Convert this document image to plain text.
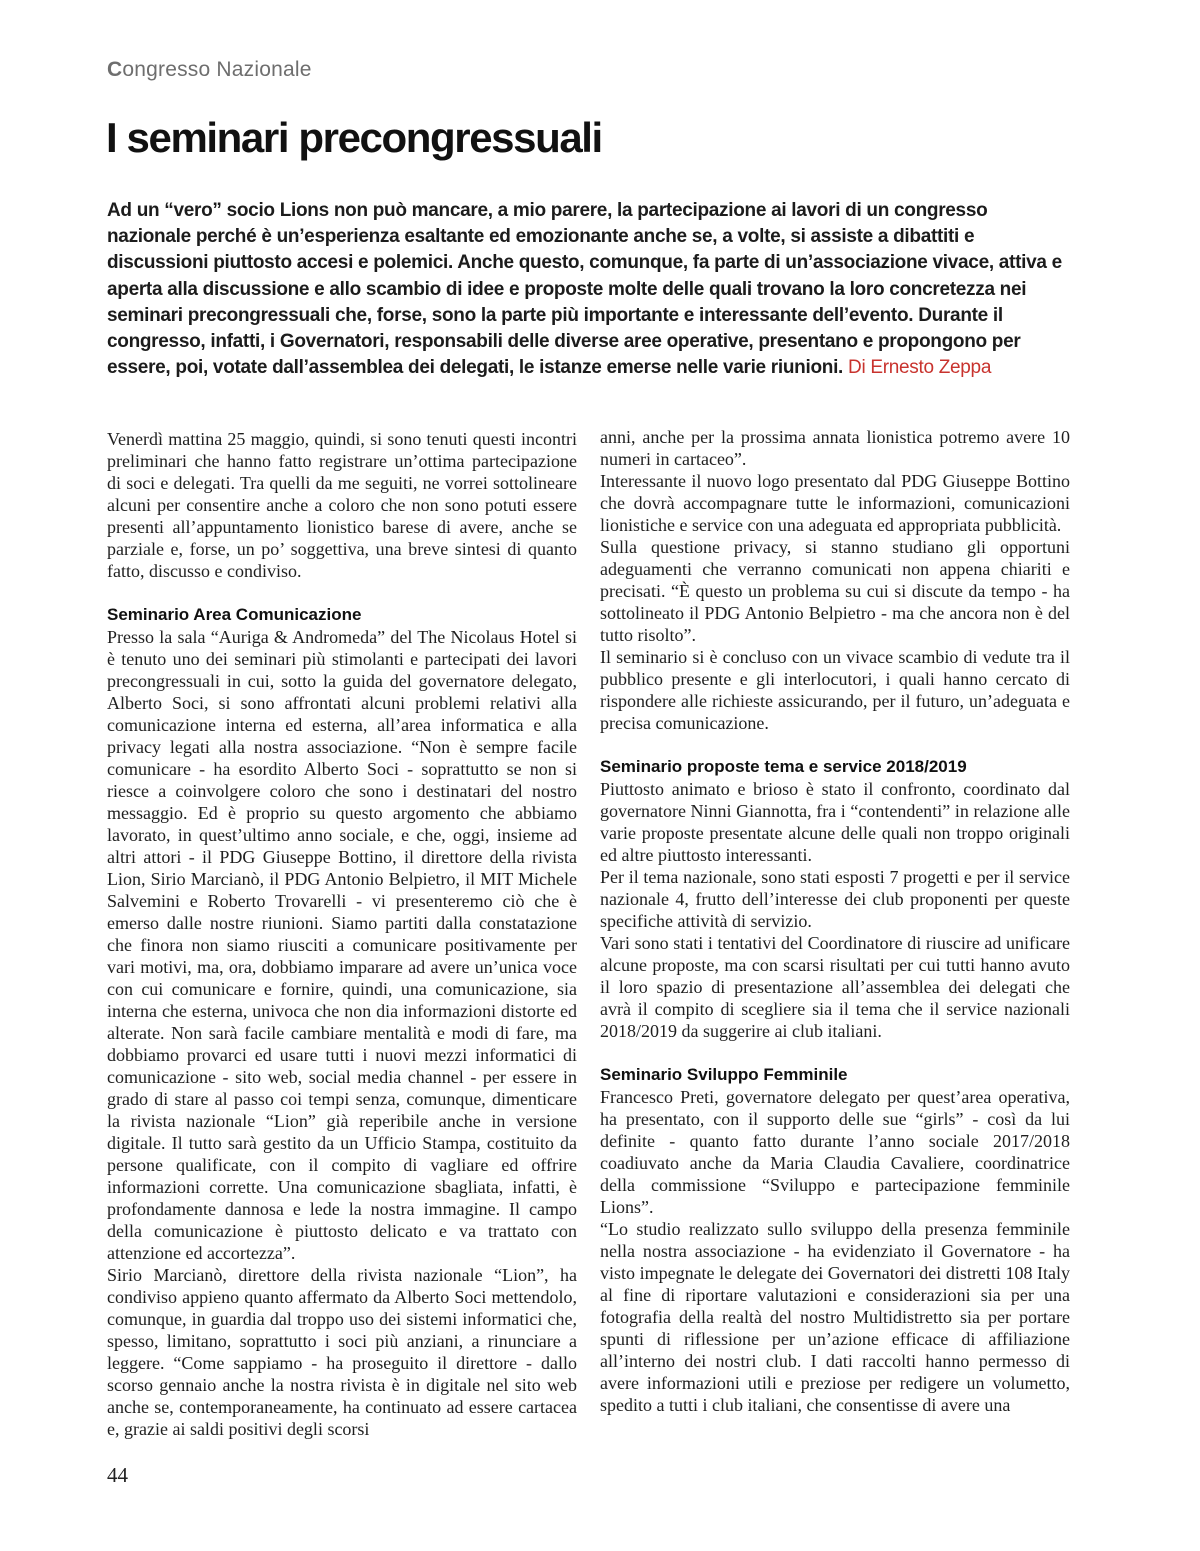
Congresso Nazionale
I seminari precongressuali

Ad un “vero” socio Lions non può mancare, a mio parere, la partecipazione ai lavori di un congresso nazionale perché è un’esperienza esaltante ed emozionante anche se, a volte, si assiste a dibattiti e discussioni piuttosto accesi e polemici. Anche questo, comunque, fa parte di un’associazione vivace, attiva e aperta alla discussione e allo scambio di idee e proposte molte delle quali trovano la loro concretezza nei seminari precongressuali che, forse, sono la parte più importante e interessante dell’evento. Durante il congresso, infatti, i Governatori, responsabili delle diverse aree operative, presentano e propongono per essere, poi, votate dall’assemblea dei delegati, le istanze emerse nelle varie riunioni. Di Ernesto Zeppa

Venerdì mattina 25 maggio, quindi, si sono tenuti questi incontri preliminari che hanno fatto registrare un’ottima partecipazione di soci e delegati. Tra quelli da me seguiti, ne vorrei sottolineare alcuni per consentire anche a coloro che non sono potuti essere presenti all’appuntamento lionistico barese di avere, anche se parziale e, forse, un po’ soggettiva, una breve sintesi di quanto fatto, discusso e condiviso.

Seminario Area Comunicazione

Presso la sala “Auriga & Andromeda” del The Nicolaus Hotel si è tenuto uno dei seminari più stimolanti e partecipati dei lavori precongressuali in cui, sotto la guida del governatore delegato, Alberto Soci, si sono affrontati alcuni problemi relativi alla comunicazione interna ed esterna, all’area informatica e alla privacy legati alla nostra associazione. “Non è sempre facile comunicare - ha esordito Alberto Soci - soprattutto se non si riesce a coinvolgere coloro che sono i destinatari del nostro messaggio. Ed è proprio su questo argomento che abbiamo lavorato, in quest’ultimo anno sociale, e che, oggi, insieme ad altri attori - il PDG Giuseppe Bottino, il direttore della rivista Lion, Sirio Marcianò, il PDG Antonio Belpietro, il MIT Michele Salvemini e Roberto Trovarelli - vi presenteremo ciò che è emerso dalle nostre riunioni. Siamo partiti dalla constatazione che finora non siamo riusciti a comunicare positivamente per vari motivi, ma, ora, dobbiamo imparare ad avere un’unica voce con cui comunicare e fornire, quindi, una comunicazione, sia interna che esterna, univoca che non dia informazioni distorte ed alterate. Non sarà facile cambiare mentalità e modi di fare, ma dobbiamo provarci ed usare tutti i nuovi mezzi informatici di comunicazione - sito web, social media channel - per essere in grado di stare al passo coi tempi senza, comunque, dimenticare la rivista nazionale “Lion” già reperibile anche in versione digitale. Il tutto sarà gestito da un Ufficio Stampa, costituito da persone qualificate, con il compito di vagliare ed offrire informazioni corrette. Una comunicazione sbagliata, infatti, è profondamente dannosa e lede la nostra immagine. Il campo della comunicazione è piuttosto delicato e va trattato con attenzione ed accortezza”.

Sirio Marcianò, direttore della rivista nazionale “Lion”, ha condiviso appieno quanto affermato da Alberto Soci mettendolo, comunque, in guardia dal troppo uso dei sistemi informatici che, spesso, limitano, soprattutto i soci più anziani, a rinunciare a leggere. “Come sappiamo - ha proseguito il direttore - dallo scorso gennaio anche la nostra rivista è in digitale nel sito web anche se, contemporaneamente, ha continuato ad essere cartacea e, grazie ai saldi positivi degli scorsi

anni, anche per la prossima annata lionistica potremo avere 10 numeri in cartaceo”.

Interessante il nuovo logo presentato dal PDG Giuseppe Bottino che dovrà accompagnare tutte le informazioni, comunicazioni lionistiche e service con una adeguata ed appropriata pubblicità.

Sulla questione privacy, si stanno studiano gli opportuni adeguamenti che verranno comunicati non appena chiariti e precisati. “È questo un problema su cui si discute da tempo - ha sottolineato il PDG Antonio Belpietro - ma che ancora non è del tutto risolto”.

Il seminario si è concluso con un vivace scambio di vedute tra il pubblico presente e gli interlocutori, i quali hanno cercato di rispondere alle richieste assicurando, per il futuro, un’adeguata e precisa comunicazione.

Seminario proposte tema e service 2018/2019

Piuttosto animato e brioso è stato il confronto, coordinato dal governatore Ninni Giannotta, fra i “contendenti” in relazione alle varie proposte presentate alcune delle quali non troppo originali ed altre piuttosto interessanti.

Per il tema nazionale, sono stati esposti 7 progetti e per il service nazionale 4, frutto dell’interesse dei club proponenti per queste specifiche attività di servizio.

Vari sono stati i tentativi del Coordinatore di riuscire ad unificare alcune proposte, ma con scarsi risultati per cui tutti hanno avuto il loro spazio di presentazione all’assemblea dei delegati che avrà il compito di scegliere sia il tema che il service nazionali 2018/2019 da suggerire ai club italiani.

Seminario Sviluppo Femminile

Francesco Preti, governatore delegato per quest’area operativa, ha presentato, con il supporto delle sue “girls” - così da lui definite - quanto fatto durante l’anno sociale 2017/2018 coadiuvato anche da Maria Claudia Cavaliere, coordinatrice della commissione “Sviluppo e partecipazione femminile Lions”.

“Lo studio realizzato sullo sviluppo della presenza femminile nella nostra associazione - ha evidenziato il Governatore - ha visto impegnate le delegate dei Governatori dei distretti 108 Italy al fine di riportare valutazioni e considerazioni sia per una fotografia della realtà del nostro Multidistretto sia per portare spunti di riflessione per un’azione efficace di affiliazione all’interno dei nostri club. I dati raccolti hanno permesso di avere informazioni utili e preziose per redigere un volumetto, spedito a tutti i club italiani, che consentisse di avere una

44
